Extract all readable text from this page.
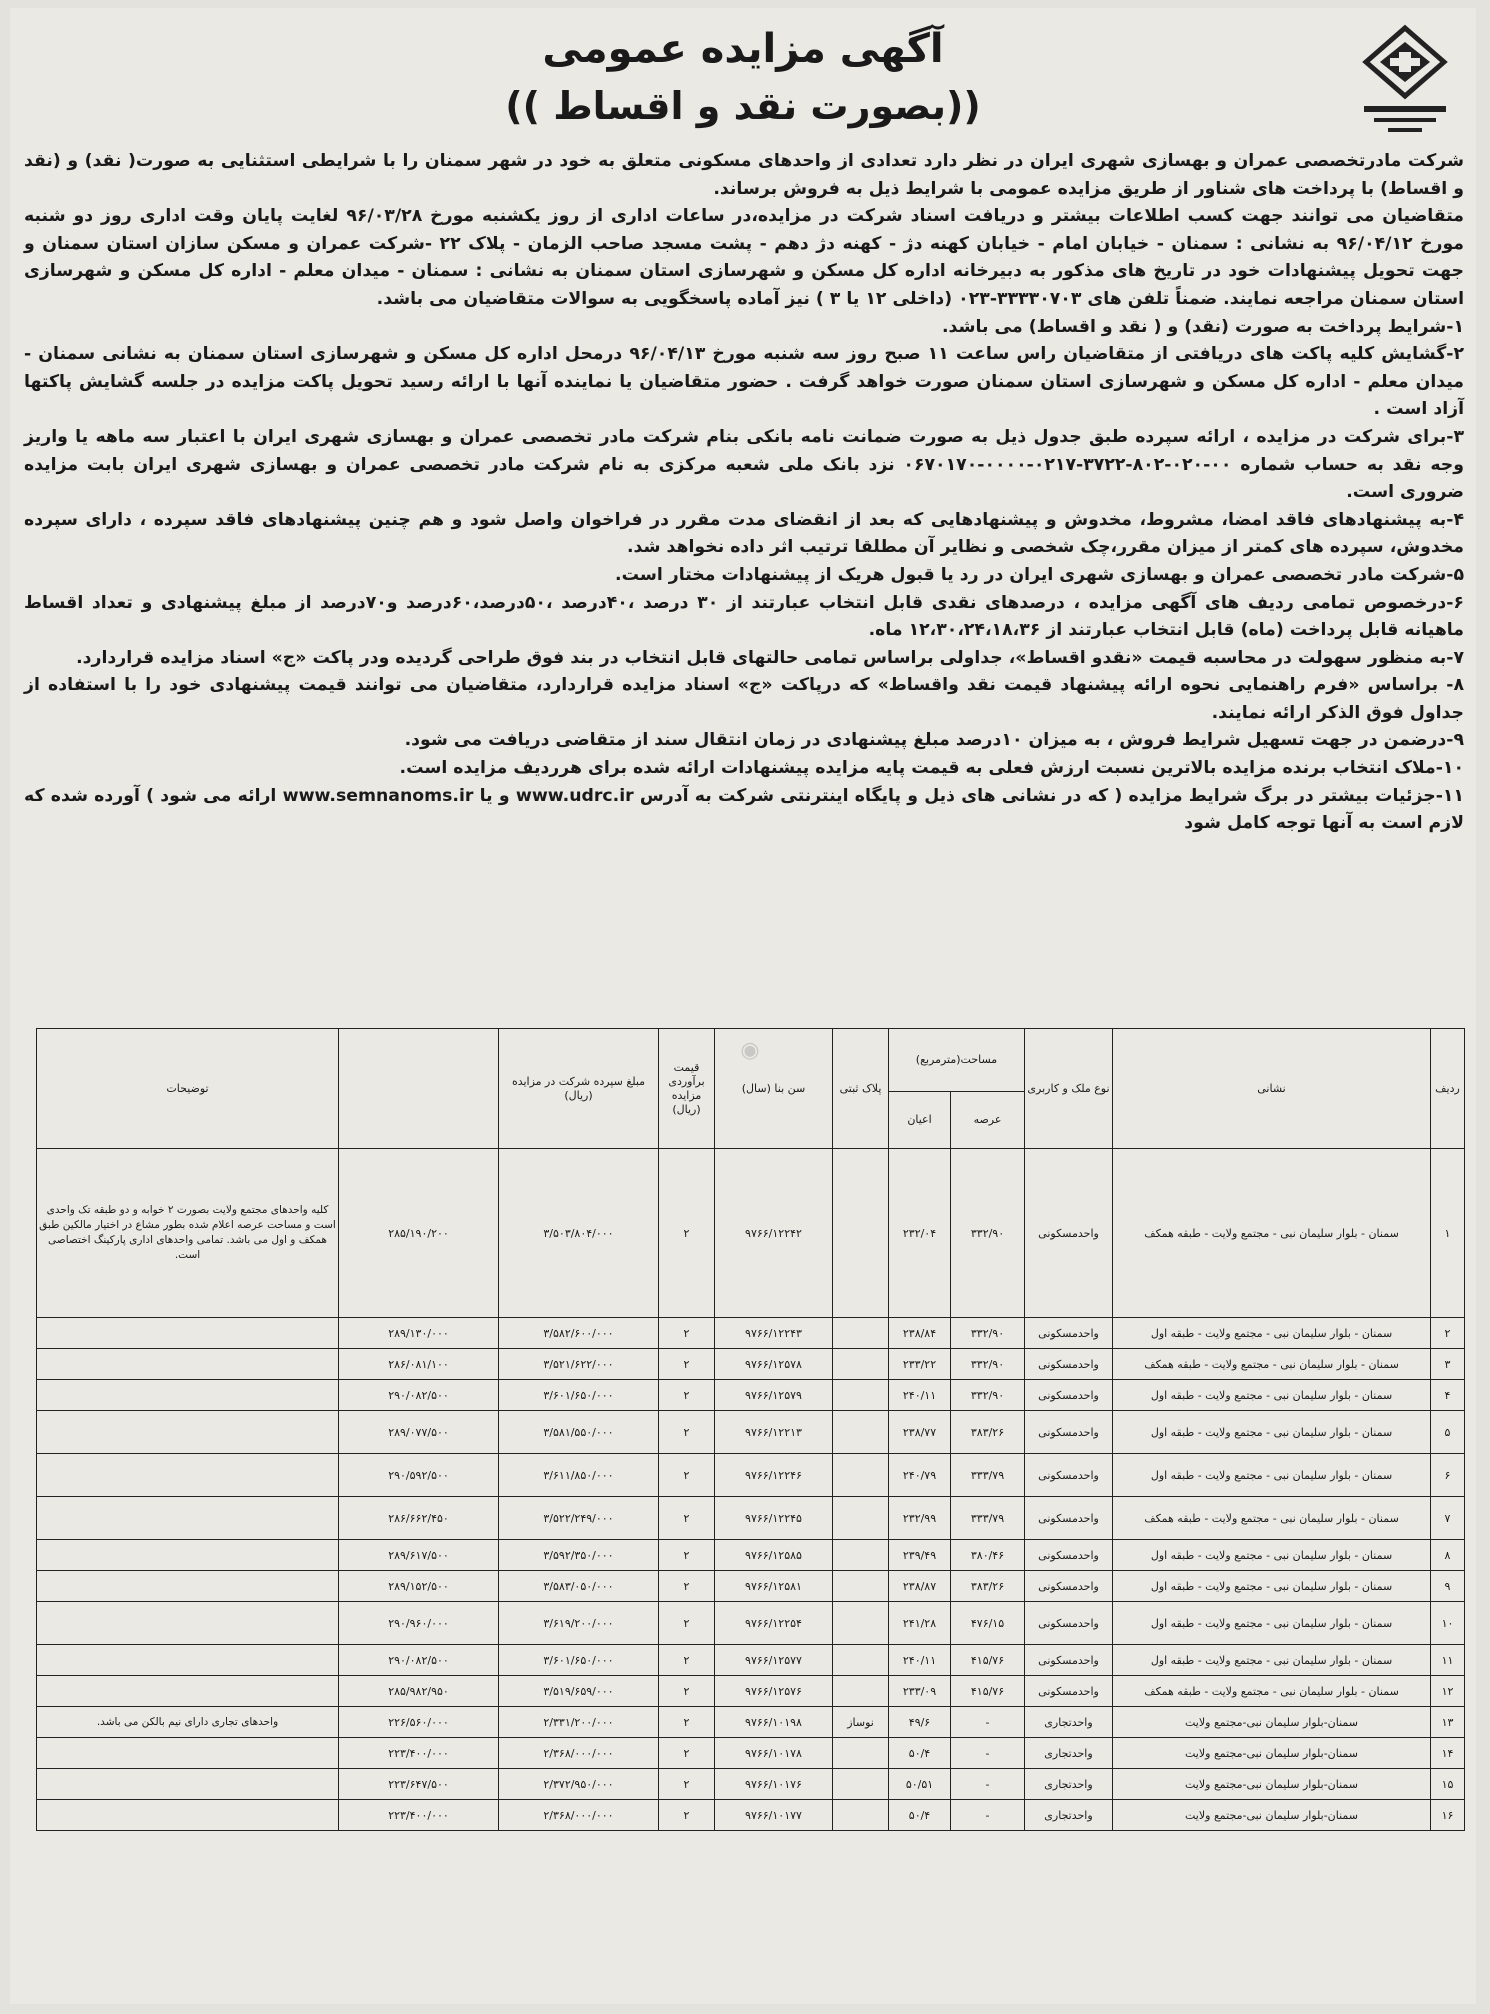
آگهی مزایده عمومی
((بصورت نقد و اقساط ))

شرکت مادرتخصصی عمران و بهسازی شهری ایران در نظر دارد تعدادی از واحدهای مسکونی متعلق به خود در شهر سمنان را با شرایطی استثنایی به صورت( نقد) و (نقد و اقساط) با پرداخت های شناور از طریق مزایده عمومی با شرایط ذیل به فروش برساند.

متقاضیان می توانند جهت کسب اطلاعات بیشتر و دریافت اسناد شرکت در مزایده،در ساعات اداری از روز یکشنبه مورخ ۹۶/۰۳/۲۸ لغایت پایان وقت اداری روز دو شنبه مورخ ۹۶/۰۴/۱۲ به نشانی : سمنان - خیابان امام - خیابان کهنه دژ - کهنه دژ دهم - پشت مسجد صاحب الزمان - پلاک ۲۲ -شرکت عمران و مسکن سازان استان سمنان و جهت تحویل پیشنهادات خود در تاریخ های مذکور به دبیرخانه اداره کل مسکن و شهرسازی استان سمنان به نشانی : سمنان - میدان معلم - اداره کل مسکن و شهرسازی استان سمنان مراجعه نمایند. ضمناً تلفن های ۳۳۳۳۰۷۰۳-۰۲۳ (داخلی ۱۲ یا ۳ ) نیز آماده پاسخگویی به سوالات متقاضیان می باشد.

۱-شرایط پرداخت به صورت (نقد) و ( نقد و اقساط) می باشد.

۲-گشایش کلیه پاکت های دریافتی از متقاضیان راس ساعت ۱۱ صبح روز سه شنبه مورخ ۹۶/۰۴/۱۳ درمحل اداره کل مسکن و شهرسازی استان سمنان به نشانی سمنان - میدان معلم - اداره کل مسکن و شهرسازی استان سمنان صورت خواهد گرفت . حضور متقاضیان یا نماینده آنها با ارائه رسید تحویل پاکت مزایده در جلسه گشایش پاکتها آزاد است .

۳-برای شرکت در مزایده ، ارائه سپرده طبق جدول ذیل به صورت ضمانت نامه بانکی بنام شرکت مادر تخصصی عمران و بهسازی شهری ایران با اعتبار سه ماهه یا واریز وجه نقد به حساب شماره ۰۰-۰۲۰-۸۰۲-۳۷۲۲-۰۲۱۷-۰۰۰۰-۰۶۷۰۱۷۰ نزد بانک ملی شعبه مرکزی به نام شرکت مادر تخصصی عمران و بهسازی شهری ایران بابت مزایده ضروری است.

۴-به پیشنهادهای فاقد امضا، مشروط، مخدوش و پیشنهادهایی که بعد از انقضای مدت مقرر در فراخوان واصل شود و هم چنین پیشنهادهای فاقد سپرده ، دارای سپرده مخدوش، سپرده های کمتر از میزان مقرر،چک شخصی و نظایر آن مطلقا ترتیب اثر داده نخواهد شد.

۵-شرکت مادر تخصصی عمران و بهسازی شهری ایران در رد یا قبول هریک از پیشنهادات مختار است.

۶-درخصوص تمامی ردیف های آگهی مزایده ، درصدهای نقدی قابل انتخاب عبارتند از ۳۰ درصد ،۴۰درصد ،۵۰درصد،۶۰درصد و۷۰درصد از مبلغ پیشنهادی و تعداد اقساط ماهیانه قابل پرداخت (ماه) قابل انتخاب عبارتند از ۱۲،۳۰،۲۴،۱۸،۳۶ ماه.

۷-به منظور سهولت در محاسبه قیمت «نقدو اقساط»، جداولی براساس تمامی حالتهای قابل انتخاب در بند فوق طراحی گردیده ودر پاکت «ج» اسناد مزایده قراردارد.

۸- براساس «فرم راهنمایی نحوه ارائه پیشنهاد قیمت نقد واقساط» که درپاکت «ج» اسناد مزایده قراردارد، متقاضیان می توانند قیمت پیشنهادی خود را با استفاده از جداول فوق الذکر ارائه نمایند.

۹-درضمن در جهت تسهیل شرایط فروش ، به میزان ۱۰درصد مبلغ پیشنهادی در زمان انتقال سند از متقاضی دریافت می شود.

۱۰-ملاک انتخاب برنده مزایده بالاترین نسبت ارزش فعلی به قیمت پایه مزایده پیشنهادات ارائه شده برای هرردیف مزایده است.

۱۱-جزئیات بیشتر در برگ شرایط مزایده ( که در نشانی های ذیل و پایگاه اینترنتی شرکت به آدرس www.udrc.ir و یا www.semnanoms.ir ارائه می شود ) آورده شده که لازم است به آنها توجه کامل شود

ردیف	نشانی	نوع ملک و کاربری	مساحت(مترمربع)		پلاک ثبتی	سن بنا (سال)	قیمت برآوردی مزایده (ریال)	مبلغ سپرده شرکت در مزایده (ریال)		توضیحات
			عرصه	اعیان						
۱	سمنان - بلوار سلیمان نبی - مجتمع ولایت - طبقه همکف	واحدمسکونی	۳۳۲/۹۰	۲۳۲/۰۴		۹۷۶۶/۱۲۲۴۲	۲	۳/۵۰۳/۸۰۴/۰۰۰	۲۸۵/۱۹۰/۲۰۰	کلیه واحدهای مجتمع ولایت بصورت ۲ خوابه و دو طبقه تک واحدی است و مساحت عرصه اعلام شده بطور مشاع در اختیار مالکین طبق همکف و اول می باشد. تمامی واحدهای اداری پارکینگ اختصاصی است.
۲	سمنان - بلوار سلیمان نبی - مجتمع ولایت - طبقه اول	واحدمسکونی	۳۳۲/۹۰	۲۳۸/۸۴		۹۷۶۶/۱۲۲۴۳	۲	۳/۵۸۲/۶۰۰/۰۰۰	۲۸۹/۱۳۰/۰۰۰	
۳	سمنان - بلوار سلیمان نبی - مجتمع ولایت - طبقه همکف	واحدمسکونی	۳۳۲/۹۰	۲۳۳/۲۲		۹۷۶۶/۱۲۵۷۸	۲	۳/۵۲۱/۶۲۲/۰۰۰	۲۸۶/۰۸۱/۱۰۰	
۴	سمنان - بلوار سلیمان نبی - مجتمع ولایت - طبقه اول	واحدمسکونی	۳۳۲/۹۰	۲۴۰/۱۱		۹۷۶۶/۱۲۵۷۹	۲	۳/۶۰۱/۶۵۰/۰۰۰	۲۹۰/۰۸۲/۵۰۰	
۵	سمنان - بلوار سلیمان نبی - مجتمع ولایت - طبقه اول	واحدمسکونی	۳۸۳/۲۶	۲۳۸/۷۷		۹۷۶۶/۱۲۲۱۳	۲	۳/۵۸۱/۵۵۰/۰۰۰	۲۸۹/۰۷۷/۵۰۰	
۶	سمنان - بلوار سلیمان نبی - مجتمع ولایت - طبقه اول	واحدمسکونی	۳۳۳/۷۹	۲۴۰/۷۹		۹۷۶۶/۱۲۲۴۶	۲	۳/۶۱۱/۸۵۰/۰۰۰	۲۹۰/۵۹۲/۵۰۰	
۷	سمنان - بلوار سلیمان نبی - مجتمع ولایت - طبقه همکف	واحدمسکونی	۳۳۳/۷۹	۲۳۲/۹۹		۹۷۶۶/۱۲۲۴۵	۲	۳/۵۲۲/۲۴۹/۰۰۰	۲۸۶/۶۶۲/۴۵۰	
۸	سمنان - بلوار سلیمان نبی - مجتمع ولایت - طبقه اول	واحدمسکونی	۳۸۰/۴۶	۲۳۹/۴۹		۹۷۶۶/۱۲۵۸۵	۲	۳/۵۹۲/۳۵۰/۰۰۰	۲۸۹/۶۱۷/۵۰۰	
۹	سمنان - بلوار سلیمان نبی - مجتمع ولایت - طبقه اول	واحدمسکونی	۳۸۳/۲۶	۲۳۸/۸۷		۹۷۶۶/۱۲۵۸۱	۲	۳/۵۸۳/۰۵۰/۰۰۰	۲۸۹/۱۵۲/۵۰۰	
۱۰	سمنان - بلوار سلیمان نبی - مجتمع ولایت - طبقه اول	واحدمسکونی	۴۷۶/۱۵	۲۴۱/۲۸		۹۷۶۶/۱۲۲۵۴	۲	۳/۶۱۹/۲۰۰/۰۰۰	۲۹۰/۹۶۰/۰۰۰	
۱۱	سمنان - بلوار سلیمان نبی - مجتمع ولایت - طبقه اول	واحدمسکونی	۴۱۵/۷۶	۲۴۰/۱۱		۹۷۶۶/۱۲۵۷۷	۲	۳/۶۰۱/۶۵۰/۰۰۰	۲۹۰/۰۸۲/۵۰۰	
۱۲	سمنان - بلوار سلیمان نبی - مجتمع ولایت - طبقه همکف	واحدمسکونی	۴۱۵/۷۶	۲۳۳/۰۹		۹۷۶۶/۱۲۵۷۶	۲	۳/۵۱۹/۶۵۹/۰۰۰	۲۸۵/۹۸۲/۹۵۰	
۱۳	سمنان-بلوار سلیمان نبی-مجتمع ولایت	واحدتجاری	-	۴۹/۶	نوساز	۹۷۶۶/۱۰۱۹۸	۲	۲/۳۳۱/۲۰۰/۰۰۰	۲۲۶/۵۶۰/۰۰۰	واحدهای تجاری دارای نیم بالکن می باشد.
۱۴	سمنان-بلوار سلیمان نبی-مجتمع ولایت	واحدتجاری	-	۵۰/۴		۹۷۶۶/۱۰۱۷۸	۲	۲/۳۶۸/۰۰۰/۰۰۰	۲۲۳/۴۰۰/۰۰۰	
۱۵	سمنان-بلوار سلیمان نبی-مجتمع ولایت	واحدتجاری	-	۵۰/۵۱		۹۷۶۶/۱۰۱۷۶	۲	۲/۳۷۲/۹۵۰/۰۰۰	۲۲۳/۶۴۷/۵۰۰	
۱۶	سمنان-بلوار سلیمان نبی-مجتمع ولایت	واحدتجاری	-	۵۰/۴		۹۷۶۶/۱۰۱۷۷	۲	۲/۳۶۸/۰۰۰/۰۰۰	۲۲۳/۴۰۰/۰۰۰	
◉
